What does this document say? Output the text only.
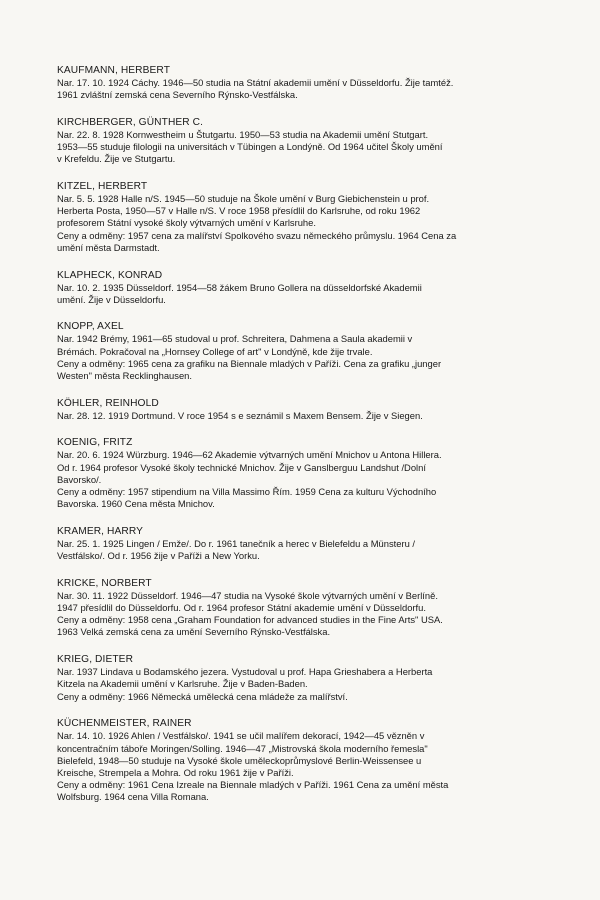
KAUFMANN, HERBERT

Nar. 17. 10. 1924 Cáchy. 1946—50 studia na Státní akademii umění v Düsseldorfu. Žije tamtéž.

1961 zvláštní zemská cena Severního Rýnsko-Vestfálska.

KIRCHBERGER, GÜNTHER C.

Nar. 22. 8. 1928 Kornwestheim u Štutgartu. 1950—53 studia na Akademii umění Stutgart.

1953—55 studuje filologii na universitách v Tübingen a Londýně. Od 1964 učitel Školy umění

v Krefeldu. Žije ve Stutgartu.

KITZEL, HERBERT

Nar. 5. 5. 1928 Halle n/S. 1945—50 studuje na Škole umění v Burg Giebichenstein u prof.

Herberta Posta, 1950—57 v Halle n/S. V roce 1958 přesídlil do Karlsruhe, od roku 1962

profesorem Státní vysoké školy výtvarných umění v Karlsruhe.

Ceny a odměny: 1957 cena za malířství Spolkového svazu německého průmyslu. 1964 Cena za

umění města Darmstadt.

KLAPHECK, KONRAD

Nar. 10. 2. 1935 Düsseldorf. 1954—58 žákem Bruno Gollera na düsseldorfské Akademii

umění. Žije v Düsseldorfu.

KNOPP, AXEL

Nar. 1942 Brémy, 1961—65 studoval u prof. Schreitera, Dahmena a Saula akademii v

Brémách. Pokračoval na „Hornsey College of art" v Londýně, kde žije trvale.

Ceny a odměny: 1965 cena za grafiku na Biennale mladých v Paříži. Cena za grafiku „junger

Westen" města Recklinghausen.

KÖHLER, REINHOLD

Nar. 28. 12. 1919 Dortmund. V roce 1954 s e seznámil s Maxem Bensem. Žije v Siegen.

KOENIG, FRITZ

Nar. 20. 6. 1924 Würzburg. 1946—62 Akademie výtvarných umění Mnichov u Antona Hillera.

Od r. 1964 profesor Vysoké školy technické Mnichov. Žije v Ganslberguu Landshut /Dolní

Bavorsko/.

Ceny a odměny: 1957 stipendium na Villa Massimo Řím. 1959 Cena za kulturu Východního

Bavorska. 1960 Cena města Mnichov.

KRAMER, HARRY

Nar. 25. 1. 1925 Lingen / Emže/. Do r. 1961 tanečník a herec v Bielefeldu a Münsteru /

Vestfálsko/. Od r. 1956 žije v Paříži a New Yorku.

KRICKE, NORBERT

Nar. 30. 11. 1922 Düsseldorf. 1946—47 studia na Vysoké škole výtvarných umění v Berlíně.

1947 přesídlil do Düsseldorfu. Od r. 1964 profesor Státní akademie umění v Düsseldorfu.

Ceny a odměny: 1958 cena „Graham Foundation for advanced studies in the Fine Arts" USA.

1963 Velká zemská cena za umění Severního Rýnsko-Vestfálska.

KRIEG, DIETER

Nar. 1937 Lindava u Bodamského jezera. Vystudoval u prof. Hapa Grieshabera a Herberta

Kitzela na Akademii umění v Karlsruhe. Žije v Baden-Baden.

Ceny a odměny: 1966 Německá umělecká cena mládeže za malířství.

KÜCHENMEISTER, RAINER

Nar. 14. 10. 1926 Ahlen / Vestfálsko/. 1941 se učil malířem dekorací, 1942—45 vězněn v

koncentračním táboře Moringen/Solling. 1946—47 „Mistrovská škola moderního řemesla"

Bielefeld, 1948—50 studuje na Vysoké škole uměleckoprůmyslové Berlin-Weissensee u

Kreische, Strempela a Mohra. Od roku 1961 žije v Paříži.

Ceny a odměny: 1961 Cena Izreale na Biennale mladých v Paříži. 1961 Cena za umění města

Wolfsburg. 1964 cena Villa Romana.
